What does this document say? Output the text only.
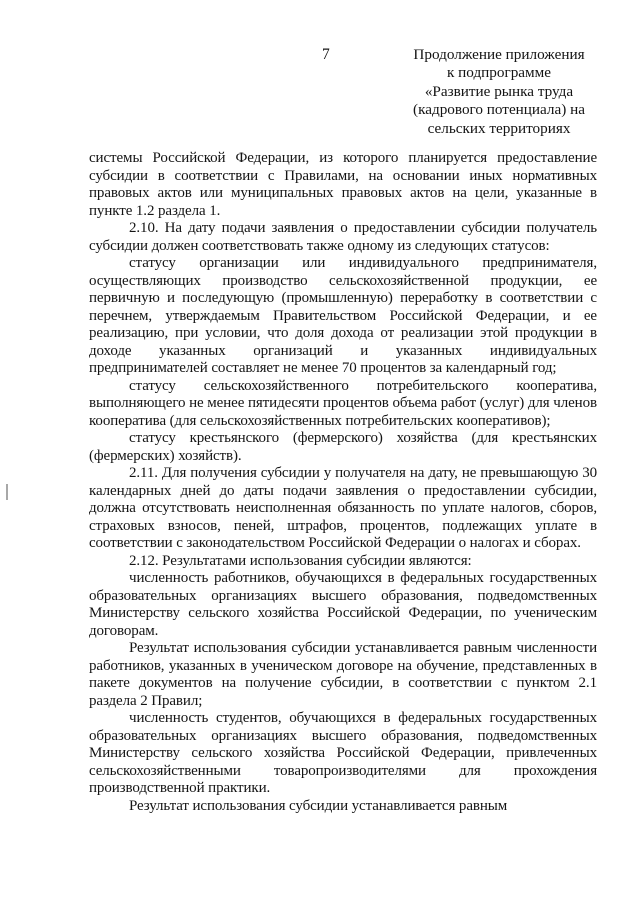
7	Продолжение приложения
к подпрограмме
«Развитие рынка труда
(кадрового потенциала) на
сельских территориях

системы Российской Федерации, из которого планируется предоставление субсидии в соответствии с Правилами, на основании иных нормативных правовых актов или муниципальных правовых актов на цели, указанные в пункте 1.2 раздела 1.

2.10. На дату подачи заявления о предоставлении субсидии получатель субсидии должен соответствовать также одному из следующих статусов:

статусу организации или индивидуального предпринимателя, осуществляющих производство сельскохозяйственной продукции, ее первичную и последующую (промышленную) переработку в соответствии с перечнем, утверждаемым Правительством Российской Федерации, и ее реализацию, при условии, что доля дохода от реализации этой продукции в доходе указанных организаций и указанных индивидуальных предпринимателей составляет не менее 70 процентов за календарный год;

статусу сельскохозяйственного потребительского кооператива, выполняющего не менее пятидесяти процентов объема работ (услуг) для членов кооператива (для сельскохозяйственных потребительских кооперативов);

статусу крестьянского (фермерского) хозяйства (для крестьянских (фермерских) хозяйств).

2.11. Для получения субсидии у получателя на дату, не превышающую 30 календарных дней до даты подачи заявления о предоставлении субсидии, должна отсутствовать неисполненная обязанность по уплате налогов, сборов, страховых взносов, пеней, штрафов, процентов, подлежащих уплате в соответствии с законодательством Российской Федерации о налогах и сборах.

2.12. Результатами использования субсидии являются:

численность работников, обучающихся в федеральных государственных образовательных организациях высшего образования, подведомственных Министерству сельского хозяйства Российской Федерации, по ученическим договорам.

Результат использования субсидии устанавливается равным численности работников, указанных в ученическом договоре на обучение, представленных в пакете документов на получение субсидии, в соответствии с пунктом 2.1 раздела 2 Правил;

численность студентов, обучающихся в федеральных государственных образовательных организациях высшего образования, подведомственных Министерству сельского хозяйства Российской Федерации, привлеченных сельскохозяйственными товаропроизводителями для прохождения производственной практики.

Результат использования субсидии устанавливается равным
